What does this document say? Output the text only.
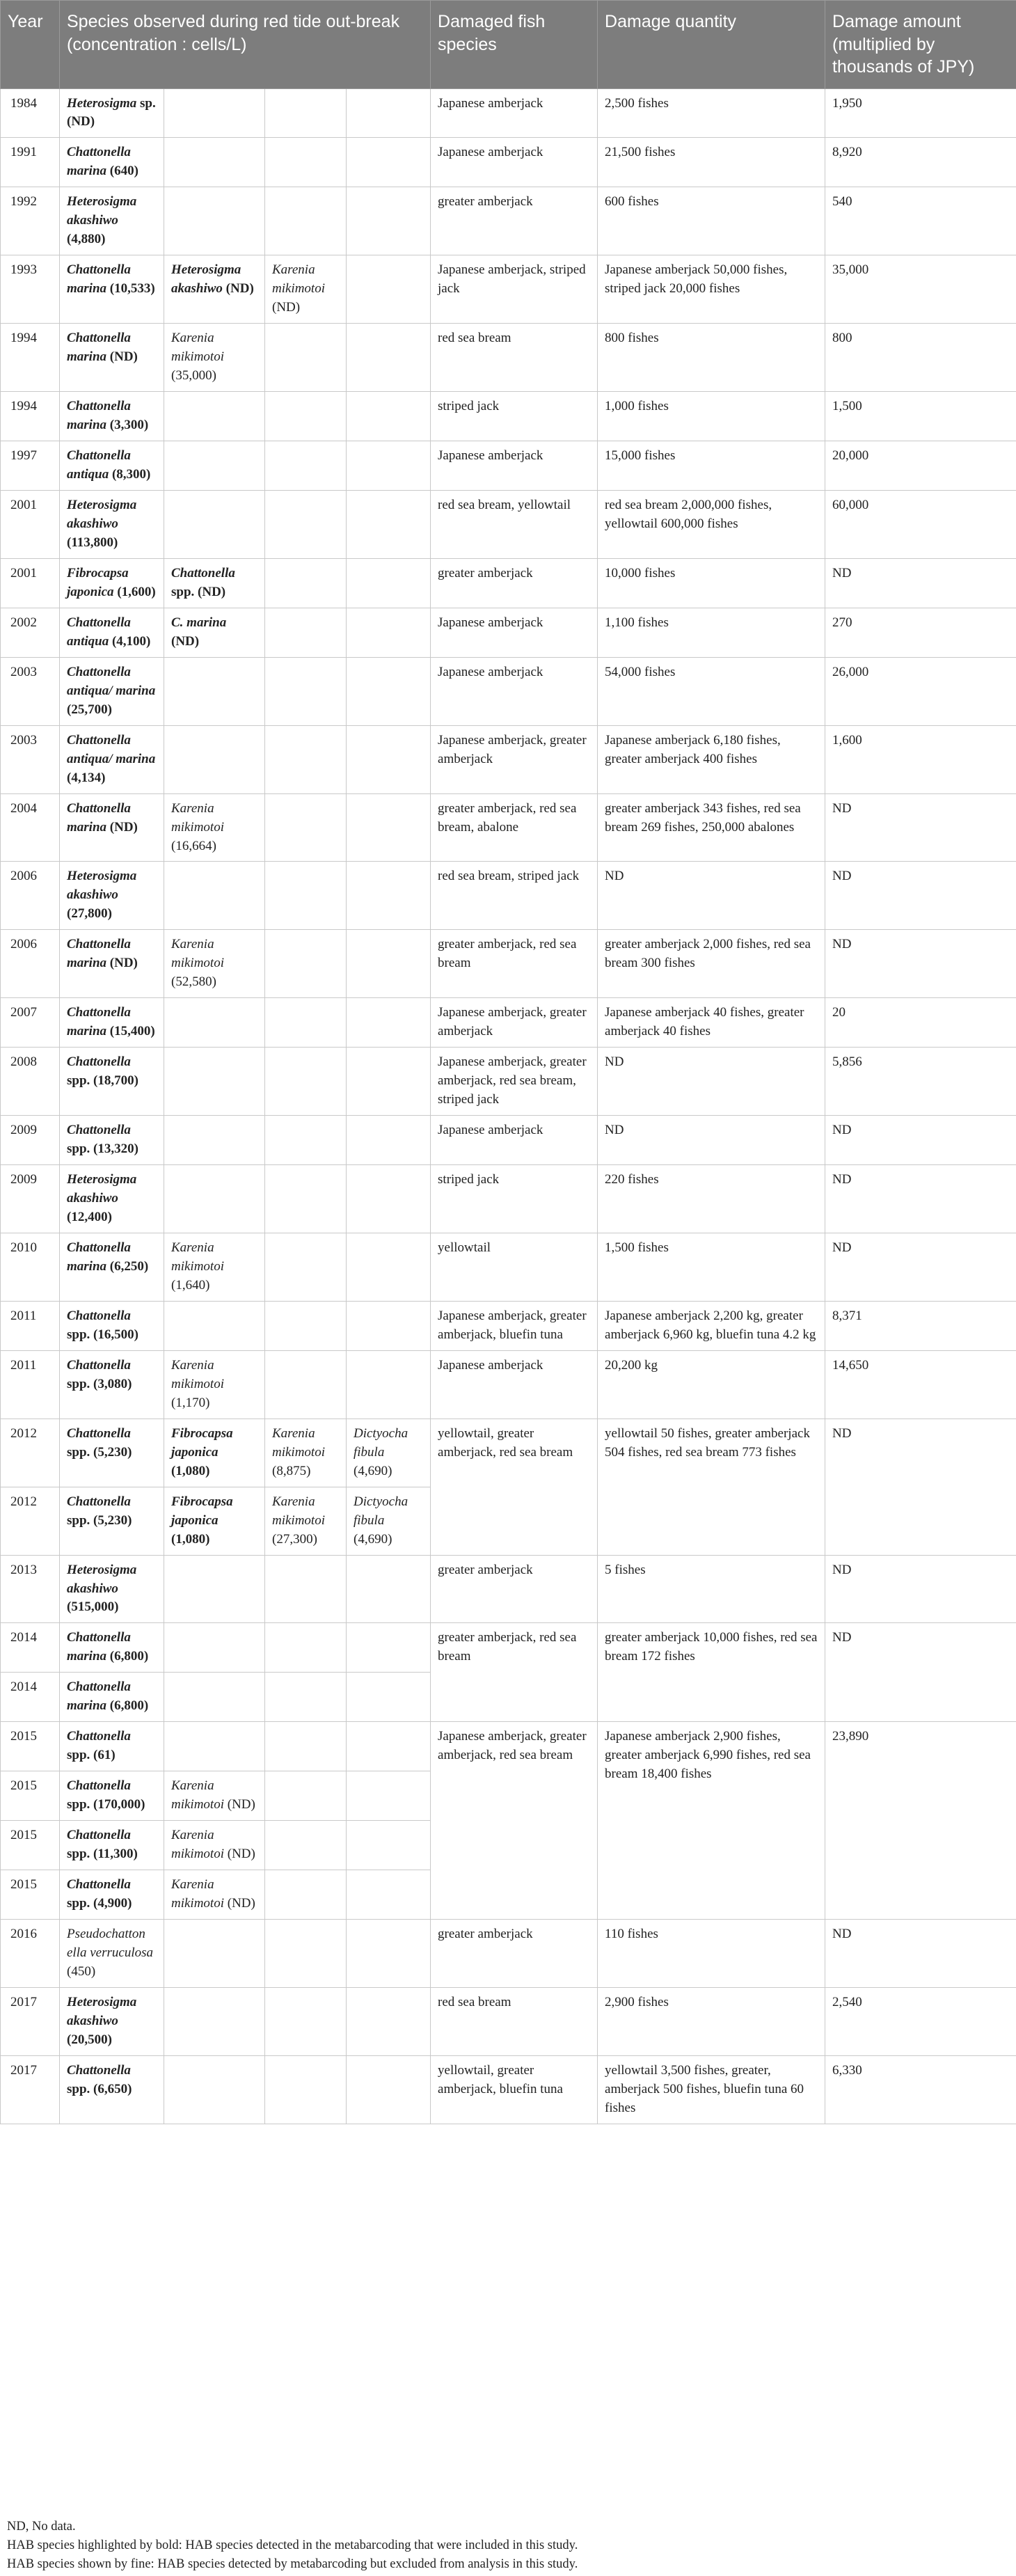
Year	Species observed during red tide out-break (concentration : cells/L)				Damaged fish species	Damage quantity	Damage amount (multiplied by thousands of JPY)
1984	Heterosigma sp. (ND)				Japanese amberjack	2,500 fishes	1,950
1991	Chattonella marina (640)				Japanese amberjack	21,500 fishes	8,920
1992	Heterosigma akashiwo (4,880)				greater amberjack	600 fishes	540
1993	Chattonella marina (10,533)	Heterosigma akashiwo (ND)	Karenia mikimotoi (ND)		Japanese amberjack, striped jack	Japanese amberjack 50,000 fishes, striped jack 20,000 fishes	35,000
1994	Chattonella marina (ND)	Karenia mikimotoi (35,000)			red sea bream	800 fishes	800
1994	Chattonella marina (3,300)				striped jack	1,000 fishes	1,500
1997	Chattonella antiqua (8,300)				Japanese amberjack	15,000 fishes	20,000
2001	Heterosigma akashiwo (113,800)				red sea bream, yellowtail	red sea bream 2,000,000 fishes, yellowtail 600,000 fishes	60,000
2001	Fibrocapsa japonica (1,600)	Chattonella spp. (ND)			greater amberjack	10,000 fishes	ND
2002	Chattonella antiqua (4,100)	C. marina (ND)			Japanese amberjack	1,100 fishes	270
2003	Chattonella antiqua/ marina (25,700)				Japanese amberjack	54,000 fishes	26,000
2003	Chattonella antiqua/ marina (4,134)				Japanese amberjack, greater amberjack	Japanese amberjack 6,180 fishes, greater amberjack 400 fishes	1,600
2004	Chattonella marina (ND)	Karenia mikimotoi (16,664)			greater amberjack, red sea bream, abalone	greater amberjack 343 fishes, red sea bream 269 fishes, 250,000 abalones	ND
2006	Heterosigma akashiwo (27,800)				red sea bream, striped jack	ND	ND
2006	Chattonella marina (ND)	Karenia mikimotoi (52,580)			greater amberjack, red sea bream	greater amberjack 2,000 fishes, red sea bream 300 fishes	ND
2007	Chattonella marina (15,400)				Japanese amberjack, greater amberjack	Japanese amberjack 40 fishes, greater amberjack 40 fishes	20
2008	Chattonella spp. (18,700)				Japanese amberjack, greater amberjack, red sea bream, striped jack	ND	5,856
2009	Chattonella spp. (13,320)				Japanese amberjack	ND	ND
2009	Heterosigma akashiwo (12,400)				striped jack	220 fishes	ND
2010	Chattonella marina (6,250)	Karenia mikimotoi (1,640)			yellowtail	1,500 fishes	ND
2011	Chattonella spp. (16,500)				Japanese amberjack, greater amberjack, bluefin tuna	Japanese amberjack 2,200 kg, greater amberjack 6,960 kg, bluefin tuna 4.2 kg	8,371
2011	Chattonella spp. (3,080)	Karenia mikimotoi (1,170)			Japanese amberjack	20,200 kg	14,650
2012	Chattonella spp. (5,230)	Fibrocapsa japonica (1,080)	Karenia mikimotoi (8,875)	Dictyocha fibula (4,690)	yellowtail, greater amberjack, red sea bream	yellowtail 50 fishes, greater amberjack 504 fishes, red sea bream 773 fishes	ND
2012	Chattonella spp. (5,230)	Fibrocapsa japonica (1,080)	Karenia mikimotoi (27,300)	Dictyocha fibula (4,690)			
2013	Heterosigma akashiwo (515,000)				greater amberjack	5 fishes	ND
2014	Chattonella marina (6,800)				greater amberjack, red sea bream	greater amberjack 10,000 fishes, red sea bream 172 fishes	ND
2014	Chattonella marina (6,800)						
2015	Chattonella spp. (61)				Japanese amberjack, greater amberjack, red sea bream	Japanese amberjack 2,900 fishes, greater amberjack 6,990 fishes, red sea bream 18,400 fishes	23,890
2015	Chattonella spp. (170,000)	Karenia mikimotoi (ND)					
2015	Chattonella spp. (11,300)	Karenia mikimotoi (ND)					
2015	Chattonella spp. (4,900)	Karenia mikimotoi (ND)					
2016	Pseudochatton ella verruculosa (450)				greater amberjack	110 fishes	ND
2017	Heterosigma akashiwo (20,500)				red sea bream	2,900 fishes	2,540
2017	Chattonella spp. (6,650)				yellowtail, greater amberjack, bluefin tuna	yellowtail 3,500 fishes, greater, amberjack 500 fishes, bluefin tuna 60 fishes	6,330
ND, No data.
HAB species highlighted by bold: HAB species detected in the metabarcoding that were included in this study.
HAB species shown by fine: HAB species detected by metabarcoding but excluded from analysis in this study.
